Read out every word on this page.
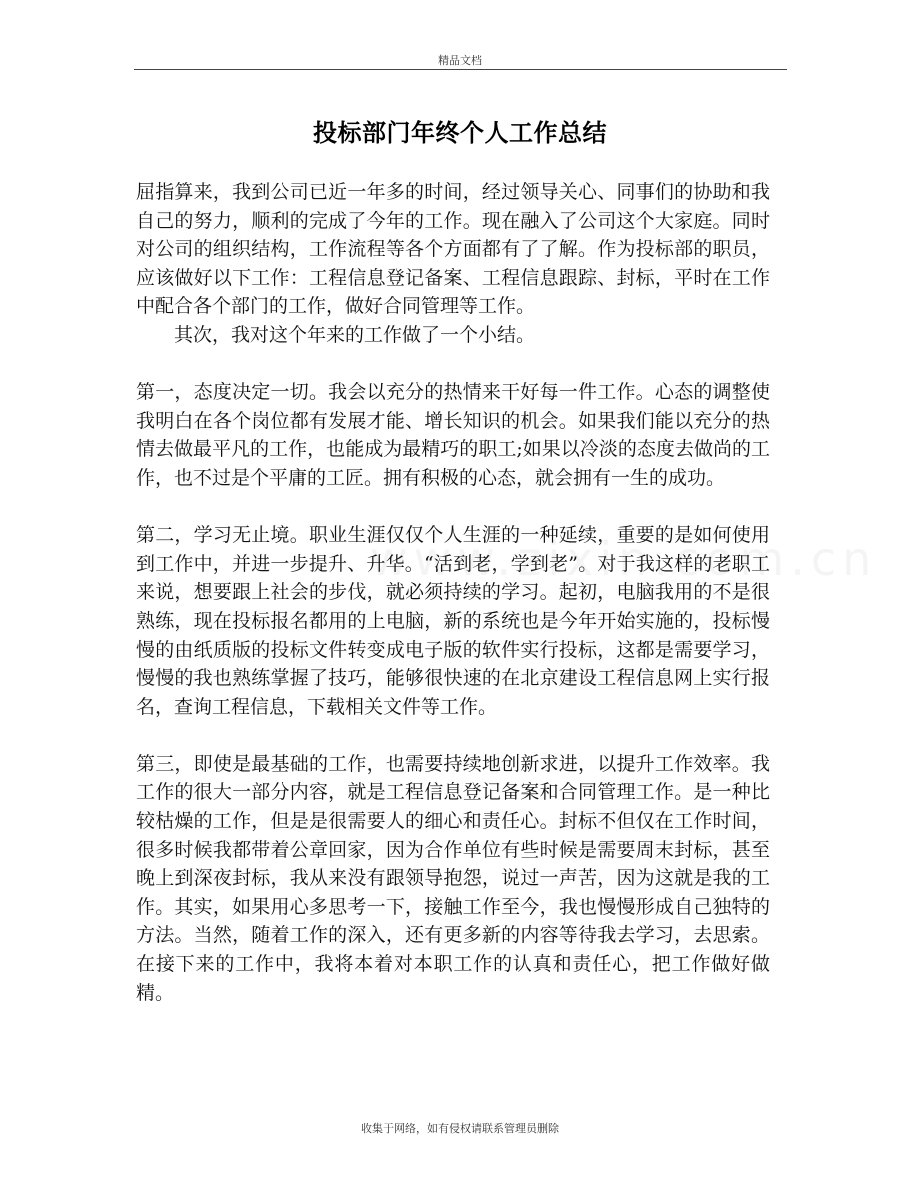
精品文档
投标部门年终个人工作总结

屈指算来，我到公司已近一年多的时间，经过领导关心、同事们的协助和我自己的努力，顺利的完成了今年的工作。现在融入了公司这个大家庭。同时对公司的组织结构，工作流程等各个方面都有了了解。作为投标部的职员，应该做好以下工作：工程信息登记备案、工程信息跟踪、封标，平时在工作中配合各个部门的工作，做好合同管理等工作。

其次，我对这个年来的工作做了一个小结。

第一，态度决定一切。我会以充分的热情来干好每一件工作。心态的调整使我明白在各个岗位都有发展才能、增长知识的机会。如果我们能以充分的热情去做最平凡的工作，也能成为最精巧的职工;如果以冷淡的态度去做尚的工作，也不过是个平庸的工匠。拥有积极的心态，就会拥有一生的成功。

第二，学习无止境。职业生涯仅仅个人生涯的一种延续，重要的是如何使用到工作中，并进一步提升、升华。“活到老，学到老”。对于我这样的老职工来说，想要跟上社会的步伐，就必须持续的学习。起初，电脑我用的不是很熟练，现在投标报名都用的上电脑，新的系统也是今年开始实施的，投标慢慢的由纸质版的投标文件转变成电子版的软件实行投标，这都是需要学习，慢慢的我也熟练掌握了技巧，能够很快速的在北京建设工程信息网上实行报名，查询工程信息，下载相关文件等工作。

第三，即使是最基础的工作，也需要持续地创新求进，以提升工作效率。我工作的很大一部分内容，就是工程信息登记备案和合同管理工作。是一种比较枯燥的工作，但是是很需要人的细心和责任心。封标不但仅在工作时间，很多时候我都带着公章回家，因为合作单位有些时候是需要周末封标，甚至晚上到深夜封标，我从来没有跟领导抱怨，说过一声苦，因为这就是我的工作。其实，如果用心多思考一下，接触工作至今，我也慢慢形成自己独特的方法。当然，随着工作的深入，还有更多新的内容等待我去学习，去思索。在接下来的工作中，我将本着对本职工作的认真和责任心，把工作做好做精。

收集于网络，如有侵权请联系管理员删除
